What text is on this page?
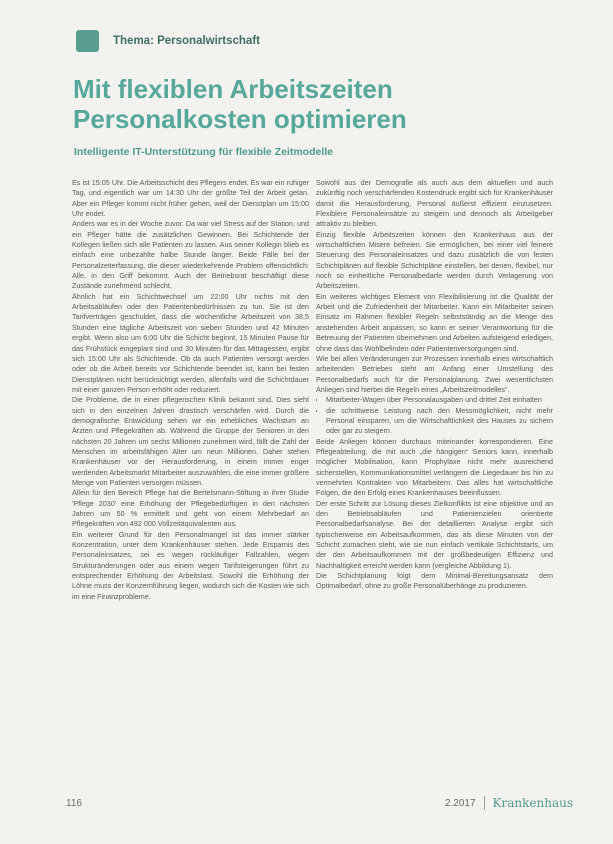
Thema: Personalwirtschaft
Mit flexiblen Arbeitszeiten Personalkosten optimieren
Intelligente IT-Unterstützung für flexible Zeitmodelle

Es ist 15:05 Uhr. Die Arbeitsschicht des Pflegers endet. Es war ein ruhiger Tag, und eigentlich war um 14:30 Uhr der größte Teil der Arbeit getan. Aber ein Pfleger kommt nicht früher gehen, weil der Dienstplan um 15:00 Uhr endet.

Anders war es in der Woche zuvor. Da war viel Stress auf der Station, und ein Pfleger hätte die zusätzlichen Gewinnen. Bei Schichtende der Kollegen ließen sich alle Patienten zu lassen. Aus seiner Kollegin blieb es einfach eine unbezahlte halbe Stunde länger. Beide Fälle bei der Personalzeiterfassung, die dieser wiederkehrende Problem offensichtlich: Alle, in den Griff bekommt. Auch der Betriebsrat beschäftigt diese Zustände zunehmend schlecht.

Ähnlich hat ein Schichtwechsel um 22:00 Uhr nichts mit den Arbeitsabläufen oder den Patientenbedürfnissen zu tun. Sie ist den Tarifverträgen geschuldet, dass die wöchentliche Arbeitszeit von 38,5 Stunden eine tägliche Arbeitszeit von sieben Stunden und 42 Minuten ergibt. Wenn also um 6:00 Uhr die Schicht beginnt, 15 Minuten Pause für das Frühstück eingeplant sind und 30 Minuten für das Mittagessen, ergibt sich 15:00 Uhr als Schichtende. Ob da auch Patienten versorgt werden oder ob die Arbeit bereits vor Schichtende beendet ist, kann bei festen Dienstplänen nicht berücksichtigt werden, allenfalls wird die Schichtdauer mit einer ganzen Person erhöht oder reduziert.

Die Probleme, die in einer pflegerischen Klinik bekannt sind, Dies sieht sich in den einzelnen Jahren drastisch verschärfen wird. Durch die demografische Entwicklung sehen wir ein erhebliches Wachstum an Ärzten und Pflegekräften ab. Während die Gruppe der Senioren in den nächsten 20 Jahren um sechs Millionen zunehmen wird, fällt die Zahl der Menschen im arbeitsfähigen Alter um neun Millionen. Daher stehen Krankenhäuser vor der Herausforderung, in einem immer enger werdenden Arbeitsmarkt Mitarbeiter auszuwählen, die eine immer größere Menge von Patienten versorgen müssen.

Allein für den Bereich Pflege hat die Bertelsmann-Stiftung in ihrer Studie 'Pflege 2030' eine Erhöhung der Pflegebedürftigen in den nächsten Jahren um 50 % ermittelt und geht von einem Mehrbedarf an Pflegekräften von 492 000 Vollzeitäquivalenten aus.

Ein weiterer Grund für den Personalmangel ist das immer stärker Konzentration, unter dem Krankenhäuser stehen. Jede Ersparnis des Personaleinsatzes, sei es wegen rückläufiger Fallzahlen, wegen Strukturänderungen oder aus einem wegen Tarifsteigerungen führt zu entsprechender Erhöhung der Arbeitslast. Sowohl die Erhöhung der Löhne muss der Konzernführung liegen, wodurch sich die Kosten wie sich im eine Finanzprobleme.

Sowohl aus der Demografie als auch aus dem aktuellen und auch zukünftig noch verschärfenden Kostendruck ergibt sich für Krankenhäuser damit die Herausforderung, Personal äußerst effizient einzusetzen. Flexiblere Personaleinsätze zu steigern und dennoch als Arbeitgeber attraktiv zu bleiben.

Einzig flexible Arbeitszeiten können den Krankenhaus aus der wirtschaftlichen Misere befreien. Sie ermöglichen, bei einer viel feinere Steuerung des Personaleinsatzes und dazu zusätzlich die von festen Schichtplänen auf flexible Schichtpläne einstellen, bei denen, flexibel, nur noch so einheitliche Personalbedarfe werden durch Verlagerung von Arbeitszeiten.

Ein weiteres wichtiges Element von Flexibilisierung ist die Qualität der Arbeit und die Zufriedenheit der Mitarbeiter. Kann ein Mitarbeiter seinen Einsatz im Rahmen flexibler Regeln selbstständig an die Menge des anstehenden Arbeit anpassen, so kann er seiner Verantwortung für die Betreuung der Patienten übernehmen und Arbeiten aufsteigend erledigen, ohne dass das Wohlbefinden oder Patientenversorgungen sind.

Wie bei allen Veränderungen zur Prozessen innerhalb eines wirtschaftlich arbeitenden Betriebes steht am Anfang einer Umstellung des Personalbedarfs auch für die Personalplanung. Zwei wesentlichsten Anliegen sind hierbei die Regeln eines „Arbeitszeitmodelles“.

• Mitarbeiter-Wagen über Personalausgaben und drittel Zeit einhalten
• die schrittweise Leistung nach den Messmöglichkeit, nicht mehr Personal einsparen, um die Wirtschaftlichkeit des Hauses zu sichern oder gar zu steigern.

Beide Anliegen können durchaus miteinander korrespondieren. Eine Pflegeabteilung, die mit auch „die hängigen“ Seniors kann, innerhalb möglicher Mobilisation, kann Prophylaxe nicht mehr ausreichend sicherstellen, Kommunikationsmittel verlängern die Liegedauer bis hin zu vermehrten Kontrakten von Mitarbeitern. Das alles hat wirtschaftliche Folgen, die den Erfolg eines Krankenhauses beeinflussen.

Der erste Schritt zur Lösung dieses Zielkonflikts ist eine objektive und an den Betriebsabläufen und Patientenzielen orientierte Personalbedarfsanalyse. Bei der detaillierten Analyse ergibt sich typischerweise ein Arbeitsaufkommen, das als diese Minuten von der Schicht zumachen steht, wie sie nun einfach vertikale Schichtstarts, um der den Arbeitsaufkommen mit der großbedeutigen Effizienz und Nachhaltigkeit erreicht werden kann (vergleiche Abbildung 1).

Die Schichtplanung folgt dem Minimal-Bereitungsansatz dem Optimalbedarf, ohne zu große Personalüberhänge zu produzieren.

116	2.2017 Krankenhaus
